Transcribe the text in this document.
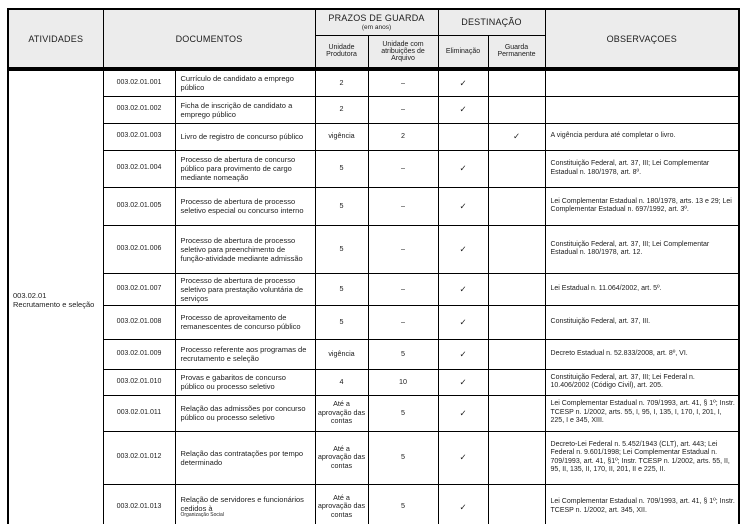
ATIVIDADES	DOCUMENTOS		PRAZOS DE GUARDA
(em anos)		DESTINAÇÃO		OBSERVAÇOES
			Unidade Produtora	Unidade com atribuições de Arquivo	Eliminação	Guarda Permanente	

003.02.01
Recrutamento e seleção	003.02.01.001	Currículo de candidato a emprego público	2	–	✓		
	003.02.01.002	Ficha de inscrição de candidato a emprego público	2	–	✓		
	003.02.01.003	Livro de registro de concurso público	vigência	2		✓	A vigência perdura até completar o livro.
	003.02.01.004	Processo de abertura de concurso público para provimento de cargo mediante nomeação	5	–	✓		Constituição Federal, art. 37, III; Lei Complementar Estadual n. 180/1978, art. 8º.
	003.02.01.005	Processo de abertura de processo seletivo especial ou concurso interno	5	–	✓		Lei Complementar Estadual n. 180/1978, arts. 13 e 29; Lei Complementar Estadual n. 697/1992, art. 3º.
	003.02.01.006	Processo de abertura de processo seletivo para preenchimento de função-atividade mediante admissão	5	–	✓		Constituição Federal, art. 37, III; Lei Complementar Estadual n. 180/1978, art. 12.
	003.02.01.007	Processo de abertura de processo seletivo para prestação voluntária de serviços	5	–	✓		Lei Estadual n. 11.064/2002, art. 5º.
	003.02.01.008	Processo de aproveitamento de remanescentes de concurso público	5	–	✓		Constituição Federal, art. 37, III.
	003.02.01.009	Processo referente aos programas de recrutamento e seleção	vigência	5	✓		Decreto Estadual n. 52.833/2008, art. 8º, VI.
	003.02.01.010	Provas e gabaritos de concurso público ou processo seletivo	4	10	✓		Constituição Federal, art. 37, III; Lei Federal n. 10.406/2002 (Código Civil), art. 205.
	003.02.01.011	Relação das admissões por concurso público ou processo seletivo	Até a aprovação das contas	5	✓		Lei Complementar Estadual n. 709/1993, art. 41, § 1º; Instr. TCESP n. 1/2002, arts. 55, I, 95, I, 135, I, 170, I, 201, I, 225, I e 345, XIII.
	003.02.01.012	Relação das contratações por tempo determinado	Até a aprovação das contas	5	✓		Decreto-Lei Federal n. 5.452/1943 (CLT), art. 443; Lei Federal n. 9.601/1998; Lei Complementar Estadual n. 709/1993, art. 41, §1º; Instr. TCESP n. 1/2002, arts. 55, II, 95, II, 135, II, 170, II, 201, II e 225, II.
	003.02.01.013	Relação de servidores e funcionários cedidos à
Organização Social	Até a aprovação das contas	5	✓		Lei Complementar Estadual n. 709/1993, art. 41, § 1º; Instr. TCESP n. 1/2002, art. 345, XII.
